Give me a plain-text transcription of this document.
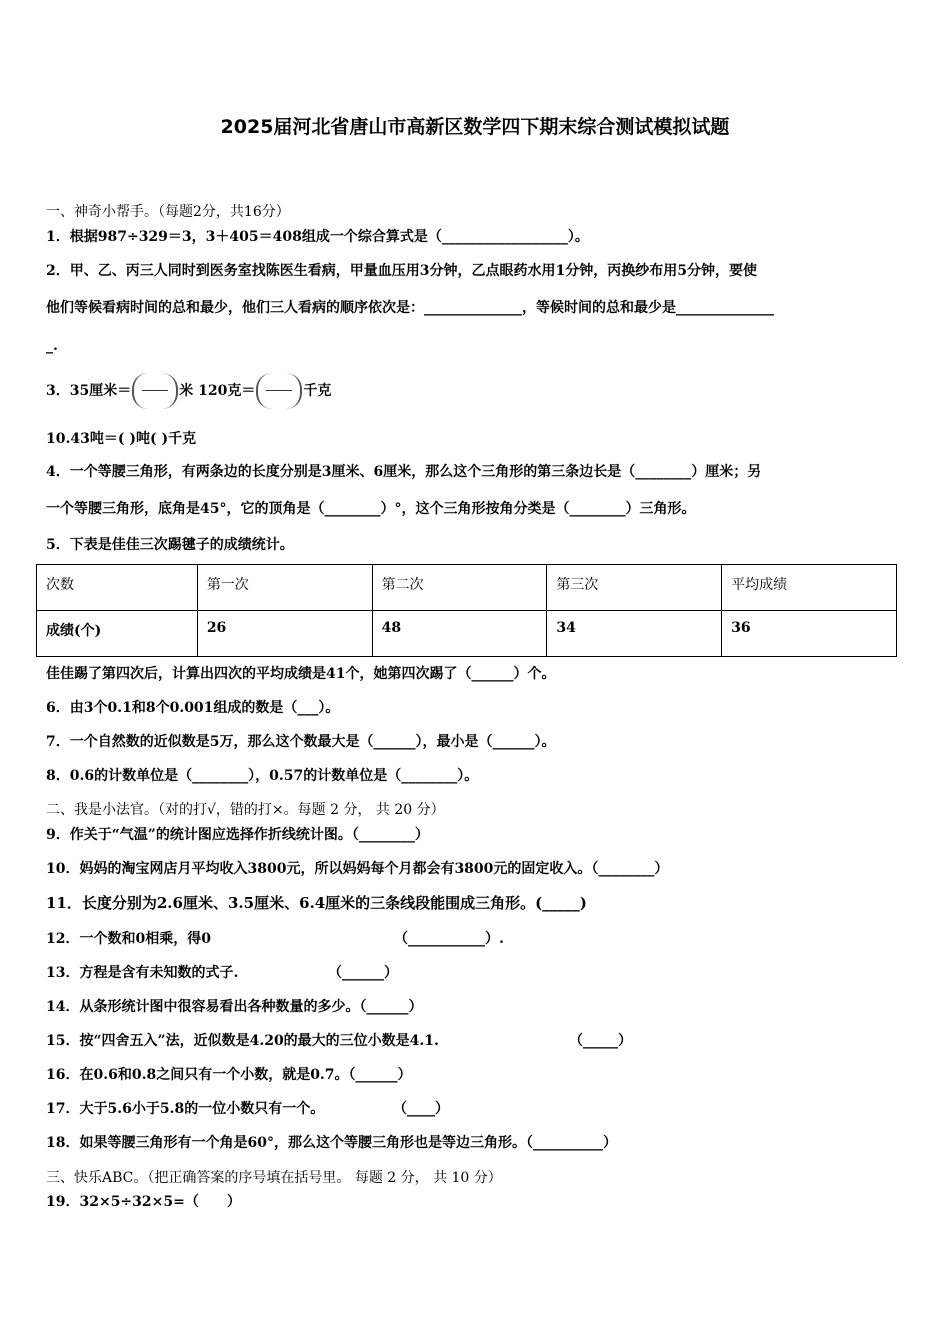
2025届河北省唐山市高新区数学四下期末综合测试模拟试题
一、神奇小帮手。（每题2分，共16分）
1．根据987÷329＝3，3＋405＝408组成一个综合算式是（__________________）。
2．甲、乙、丙三人同时到医务室找陈医生看病，甲量血压用3分钟，乙点眼药水用1分钟，丙换纱布用5分钟，要使
他们等候看病时间的总和最少，他们三人看病的顺序依次是：______________，等候时间的总和最少是______________
_.
3．35厘米＝	米 120克＝	千克
10.43吨＝( )吨( )千克
4．一个等腰三角形，有两条边的长度分别是3厘米、6厘米，那么这个三角形的第三条边长是（________）厘米；另
一个等腰三角形，底角是45°，它的顶角是（________）°，这个三角形按角分类是（________）三角形。
5．下表是佳佳三次踢毽子的成绩统计。
次数	第一次	第二次	第三次	平均成绩
成绩(个)	26	48	34	36
佳佳踢了第四次后，计算出四次的平均成绩是41个，她第四次踢了（______）个。
6．由3个0.1和8个0.001组成的数是（___）。
7．一个自然数的近似数是5万，那么这个数最大是（______），最小是（______）。
8．0.6的计数单位是（________），0.57的计数单位是（________）。
二、我是小法官。（对的打√，错的打×。每题 2 分， 共 20 分）
9．作关于“气温”的统计图应选择作折线统计图。（________）
10．妈妈的淘宝网店月平均收入3800元，所以妈妈每个月都会有3800元的固定收入。（________）
11．长度分别为2.6厘米、3.5厘米、6.4厘米的三条线段能围成三角形。(_____)
12．一个数和0相乘，得0	（___________）.
13．方程是含有未知数的式子.	（______）
14．从条形统计图中很容易看出各种数量的多少。（______）
15．按“四舍五入”法，近似数是4.20的最大的三位小数是4.1.	（_____）
16．在0.6和0.8之间只有一个小数，就是0.7。（______）
17．大于5.6小于5.8的一位小数只有一个。	（____）
18．如果等腰三角形有一个角是60°，那么这个等腰三角形也是等边三角形。（__________）
三、快乐ABC。（把正确答案的序号填在括号里。 每题 2 分， 共 10 分）
19．32×5÷32×5=（　　）
